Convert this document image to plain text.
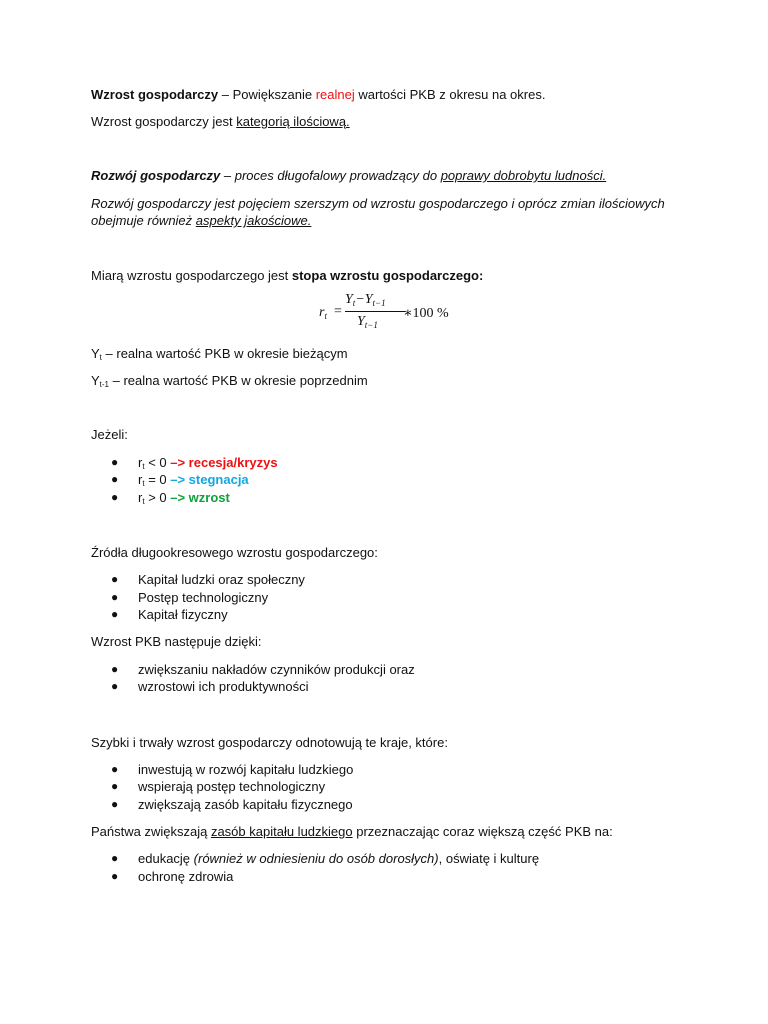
Wzrost gospodarczy – Powiększanie realnej wartości PKB z okresu na okres.
Wzrost gospodarczy jest kategorią ilościową.
Rozwój gospodarczy – proces długofalowy prowadzący do poprawy dobrobytu ludności.
Rozwój gospodarczy jest pojęciem szerszym od wzrostu gospodarczego i oprócz zmian ilościowych
obejmuje również aspekty jakościowe.
Miarą wzrostu gospodarczego jest stopa wzrostu gospodarczego:
$r_t$ =
$Y_t-Y_{t-1}$
$Y_{t-1}$
∗100 %
$Y_t$ – realna wartość PKB w okresie bieżącym
$Y_{t-1}$ – realna wartość PKB w okresie poprzednim
Jeżeli:
● $r_t < 0$ –> recesja/kryzys
● $r_t = 0$ –> stegnacja
● $r_t > 0$ –> wzrost
Źródła długookresowego wzrostu gospodarczego:
● Kapitał ludzki oraz społeczny
● Postęp technologiczny
● Kapitał fizyczny
Wzrost PKB następuje dzięki:
● zwiększaniu nakładów czynników produkcji oraz
● wzrostowi ich produktywności
Szybki i trwały wzrost gospodarczy odnotowują te kraje, które:
● inwestują w rozwój kapitału ludzkiego
● wspierają postęp technologiczny
● zwiększają zasób kapitału fizycznego
Państwa zwiększają zasób kapitału ludzkiego przeznaczając coraz większą część PKB na:
● edukację (również w odniesieniu do osób dorosłych), oświatę i kulturę
● ochronę zdrowia
